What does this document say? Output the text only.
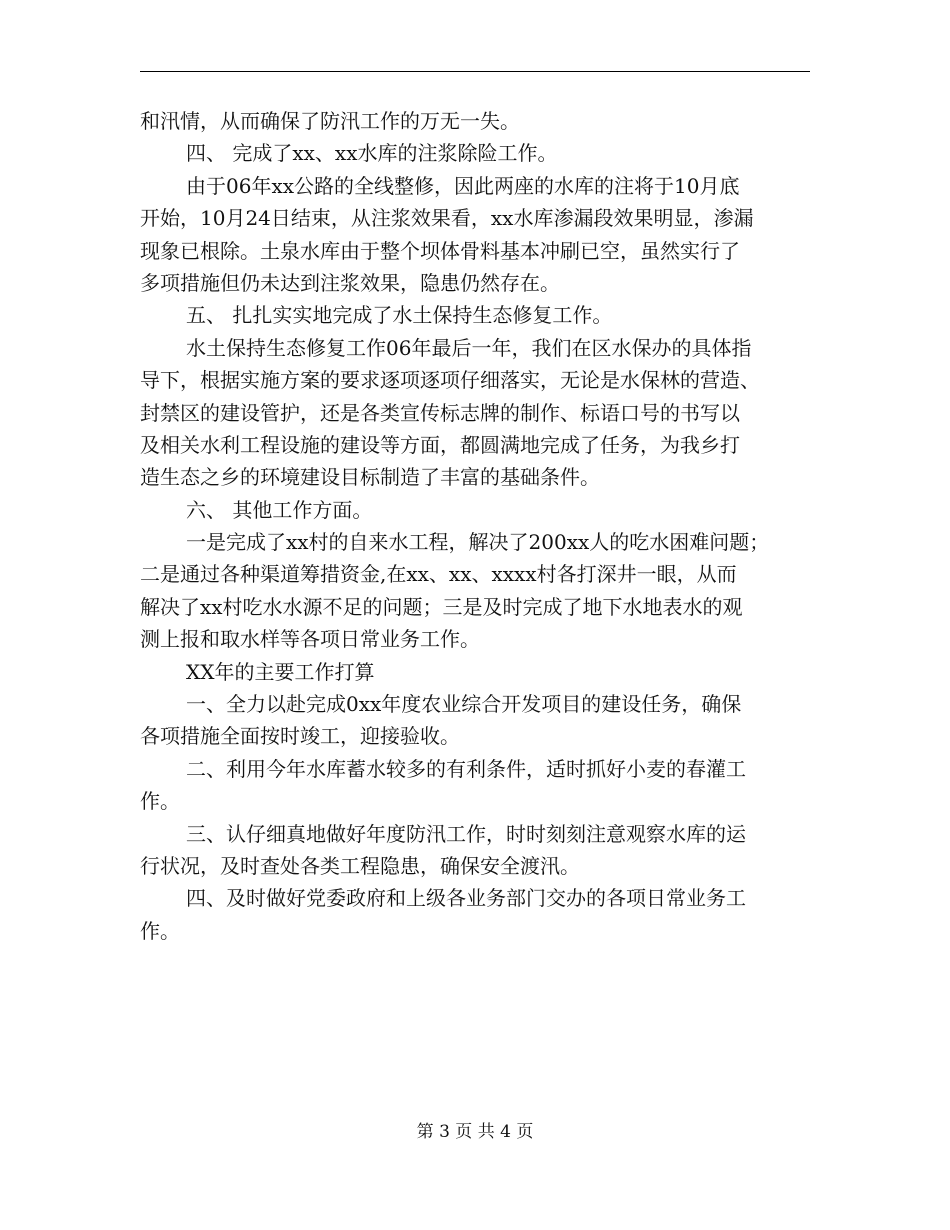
和汛情，从而确保了防汛工作的万无一失。
四、 完成了xx、xx水库的注浆除险工作。
由于06年xx公路的全线整修，因此两座的水库的注将于10月底
开始，10月24日结束，从注浆效果看，xx水库渗漏段效果明显，渗漏
现象已根除。土泉水库由于整个坝体骨料基本冲刷已空，虽然实行了
多项措施但仍未达到注浆效果，隐患仍然存在。
五、 扎扎实实地完成了水土保持生态修复工作。
水土保持生态修复工作06年最后一年，我们在区水保办的具体指
导下，根据实施方案的要求逐项逐项仔细落实，无论是水保林的营造、
封禁区的建设管护，还是各类宣传标志牌的制作、标语口号的书写以
及相关水利工程设施的建设等方面，都圆满地完成了任务，为我乡打
造生态之乡的环境建设目标制造了丰富的基础条件。
六、 其他工作方面。
一是完成了xx村的自来水工程，解决了200xx人的吃水困难问题；
二是通过各种渠道筹措资金,在xx、xx、xxxx村各打深井一眼，从而
解决了xx村吃水水源不足的问题；三是及时完成了地下水地表水的观
测上报和取水样等各项日常业务工作。
XX年的主要工作打算
一、全力以赴完成0xx年度农业综合开发项目的建设任务，确保
各项措施全面按时竣工，迎接验收。
二、利用今年水库蓄水较多的有利条件，适时抓好小麦的春灌工
作。
三、认仔细真地做好年度防汛工作，时时刻刻注意观察水库的运
行状况，及时查处各类工程隐患，确保安全渡汛。
四、及时做好党委政府和上级各业务部门交办的各项日常业务工
作。
第 3 页 共 4 页
